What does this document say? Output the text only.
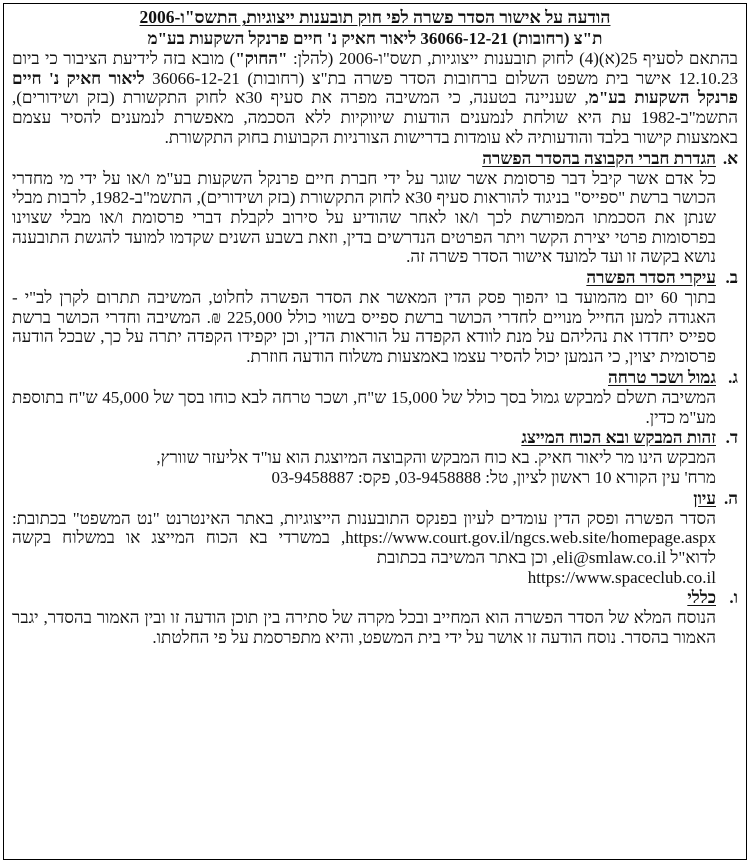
הודעה על אישור הסדר פשרה לפי חוק תובענות ייצוגיות, התשס"ו-2006
ת"צ (רחובות) 36066-12-21 ליאור חאיק נ' חיים פרנקל השקעות בע"מ

בהתאם לסעיף 25(א)(4) לחוק תובענות ייצוגיות, תשס"ו-2006 (להלן: "החוק") מובא בזה לידיעת הציבור כי ביום 12.10.23 אישר בית משפט השלום ברחובות הסדר פשרה בת"צ (רחובות) 36066-12-21 ליאור חאיק נ' חיים פרנקל השקעות בע"מ, שעניינה בטענה, כי המשיבה מפרה את סעיף 30א לחוק התקשורת (בזק ושידורים), התשמ"ב-1982 עת היא שולחת לנמענים הודעות שיווקיות ללא הסכמה, מאפשרת לנמענים להסיר עצמם באמצעות קישור בלבד והודעותיה לא עומדות בדרישות הצורניות הקבועות בחוק התקשורת.

א.
הגדרת חברי הקבוצה בהסדר הפשרה

כל אדם אשר קיבל דבר פרסומת אשר שוגר על ידי חברת חיים פרנקל השקעות בע"מ ו/או על ידי מי מחדרי הכושר ברשת "ספייס" בניגוד להוראות סעיף 30א לחוק התקשורת (בזק ושידורים), התשמ"ב-1982, לרבות מבלי שנתן את הסכמתו המפורשת לכך ו/או לאחר שהודיע על סירוב לקבלת דברי פרסומת ו/או מבלי שצוינו בפרסומות פרטי יצירת הקשר ויתר הפרטים הנדרשים בדין, וזאת בשבע השנים שקדמו למועד להגשת התובענה נושא בקשה זו ועד למועד אישור הסדר פשרה זה.

ב.
עיקרי הסדר הפשרה

בתוך 60 יום מהמועד בו יהפוך פסק הדין המאשר את הסדר הפשרה לחלוט, המשיבה תתרום לקרן לב"י - האגודה למען החייל מנויים לחדרי הכושר ברשת ספייס בשווי כולל 225,000 ₪. המשיבה וחדרי הכושר ברשת ספייס יחדדו את נהליהם על מנת לוודא הקפדה על הוראות הדין, וכן יקפידו הקפדה יתרה על כך, שבכל הודעה פרסומית יצוין, כי הנמען יכול להסיר עצמו באמצעות משלוח הודעה חוזרת.

ג.
גמול ושכר טרחה

המשיבה תשלם למבקש גמול בסך כולל של 15,000 ש"ח, ושכר טרחה לבא כוחו בסך של 45,000 ש"ח בתוספת מע"מ כדין.

ד.
זהות המבקש ובא הכוח המייצג

המבקש הינו מר ליאור חאיק. בא כוח המבקש והקבוצה המיוצגת הוא עו"ד אליעזר שוורץ,

מרח' עין הקורא 10 ראשון לציון, טל: 03-9458888, פקס: 03-9458887

ה.
עיון

הסדר הפשרה ופסק הדין עומדים לעיון בפנקס התובענות הייצוגיות, באתר האינטרנט "נט המשפט" בכתובת: https://www.court.gov.il/ngcs.web.site/homepage.aspx, במשרדי בא הכוח המייצג או במשלוח בקשה לדוא"ל eli@smlaw.co.il, וכן באתר המשיבה בכתובת
https://www.spaceclub.co.il

ו.
כללי

הנוסח המלא של הסדר הפשרה הוא המחייב ובכל מקרה של סתירה בין תוכן הודעה זו ובין האמור בהסדר, יגבר האמור בהסדר. נוסח הודעה זו אושר על ידי בית המשפט, והיא מתפרסמת על פי החלטתו.
